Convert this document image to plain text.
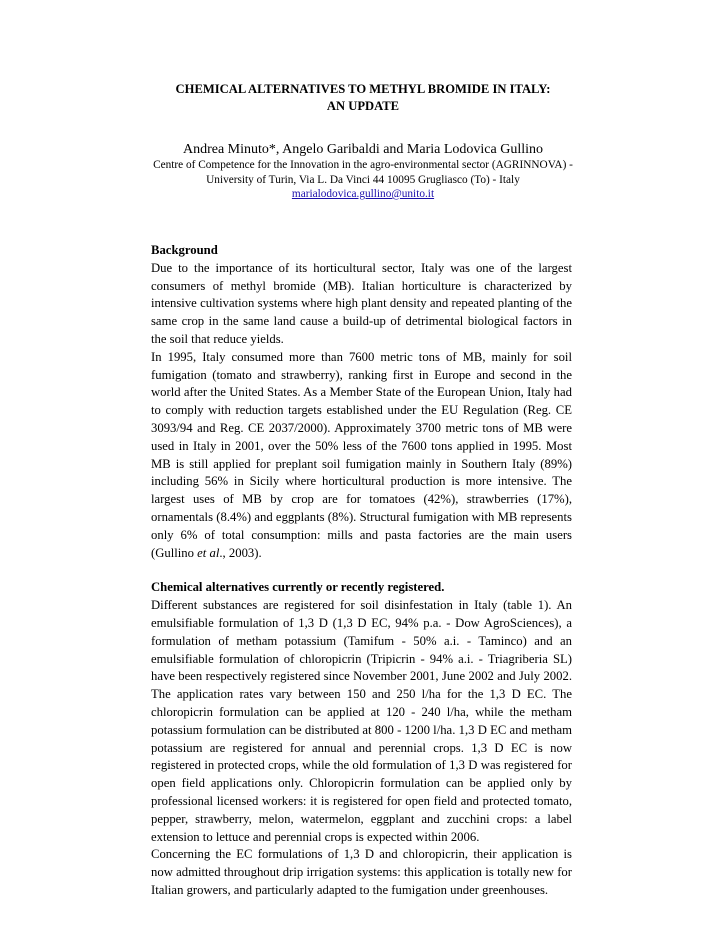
CHEMICAL ALTERNATIVES TO METHYL BROMIDE IN ITALY:
AN UPDATE
Andrea Minuto*, Angelo Garibaldi and Maria Lodovica Gullino
Centre of Competence for the Innovation in the agro-environmental sector (AGRINNOVA) -
University of Turin, Via L. Da Vinci 44 10095 Grugliasco (To) - Italy
marialodovica.gullino@unito.it
Background

Due to the importance of its horticultural sector, Italy was one of the largest consumers of methyl bromide (MB). Italian horticulture is characterized by intensive cultivation systems where high plant density and repeated planting of the same crop in the same land cause a build-up of detrimental biological factors in the soil that reduce yields.

In 1995, Italy consumed more than 7600 metric tons of MB, mainly for soil fumigation (tomato and strawberry), ranking first in Europe and second in the world after the United States. As a Member State of the European Union, Italy had to comply with reduction targets established under the EU Regulation (Reg. CE 3093/94 and Reg. CE 2037/2000). Approximately 3700 metric tons of MB were used in Italy in 2001, over the 50% less of the 7600 tons applied in 1995. Most MB is still applied for preplant soil fumigation mainly in Southern Italy (89%) including 56% in Sicily where horticultural production is more intensive. The largest uses of MB by crop are for tomatoes (42%), strawberries (17%), ornamentals (8.4%) and eggplants (8%). Structural fumigation with MB represents only 6% of total consumption: mills and pasta factories are the main users (Gullino et al., 2003).

Chemical alternatives currently or recently registered.

Different substances are registered for soil disinfestation in Italy (table 1). An emulsifiable formulation of 1,3 D (1,3 D EC, 94% p.a. - Dow AgroSciences), a formulation of metham potassium (Tamifum - 50% a.i. - Taminco) and an emulsifiable formulation of chloropicrin (Tripicrin - 94% a.i. - Triagriberia SL) have been respectively registered since November 2001, June 2002 and July 2002. The application rates vary between 150 and 250 l/ha for the 1,3 D EC. The chloropicrin formulation can be applied at 120 - 240 l/ha, while the metham potassium formulation can be distributed at 800 - 1200 l/ha. 1,3 D EC and metham potassium are registered for annual and perennial crops. 1,3 D EC is now registered in protected crops, while the old formulation of 1,3 D was registered for open field applications only. Chloropicrin formulation can be applied only by professional licensed workers: it is registered for open field and protected tomato, pepper, strawberry, melon, watermelon, eggplant and zucchini crops: a label extension to lettuce and perennial crops is expected within 2006.

Concerning the EC formulations of 1,3 D and chloropicrin, their application is now admitted throughout drip irrigation systems: this application is totally new for Italian growers, and particularly adapted to the fumigation under greenhouses.
